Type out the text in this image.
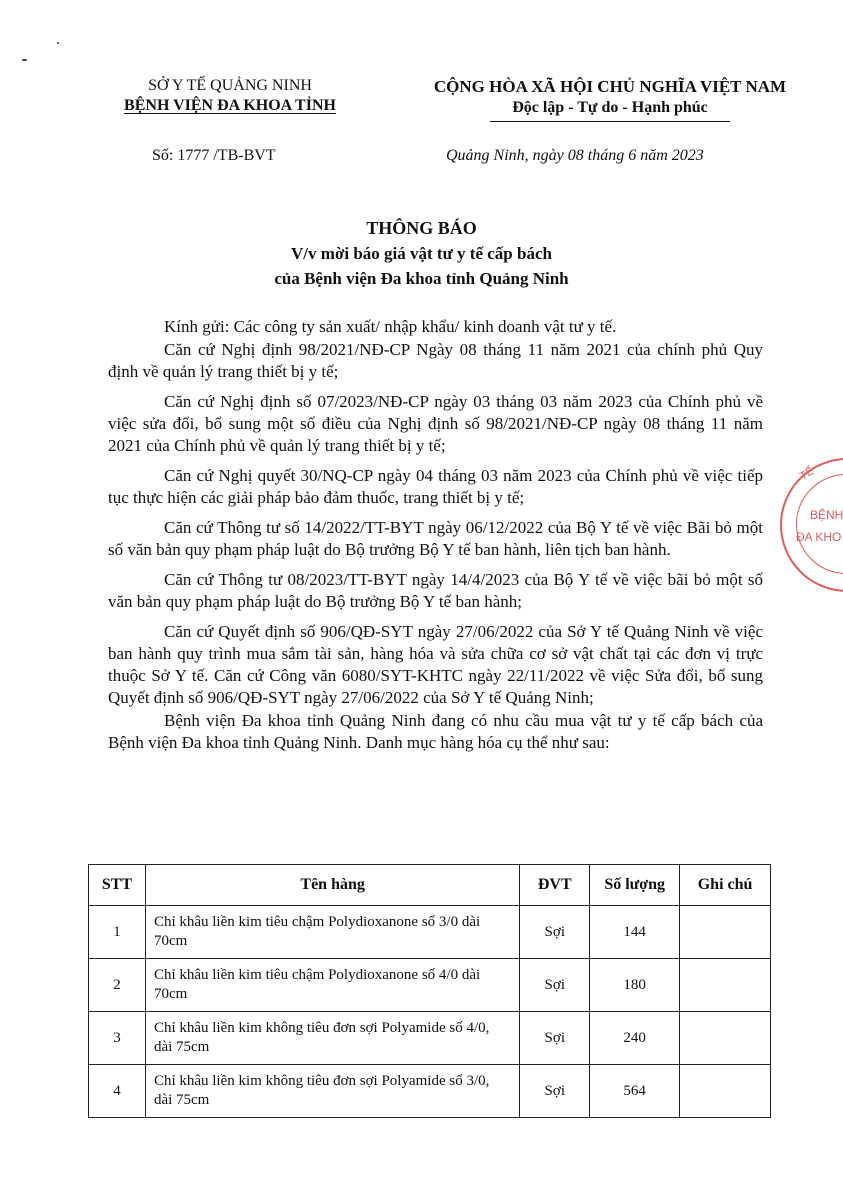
SỞ Y TẾ QUẢNG NINH
BỆNH VIỆN ĐA KHOA TỈNH
CỘNG HÒA XÃ HỘI CHỦ NGHĨA VIỆT NAM
Độc lập - Tự do - Hạnh phúc
Số: 1777 /TB-BVT	Quảng Ninh, ngày 08 tháng 6 năm 2023
THÔNG BÁO
V/v mời báo giá vật tư y tế cấp bách
của Bệnh viện Đa khoa tỉnh Quảng Ninh

Kính gửi: Các công ty sản xuất/ nhập khẩu/ kinh doanh vật tư y tế.

Căn cứ Nghị định 98/2021/NĐ-CP Ngày 08 tháng 11 năm 2021 của chính phủ Quy định về quản lý trang thiết bị y tế;

Căn cứ Nghị định số 07/2023/NĐ-CP ngày 03 tháng 03 năm 2023 của Chính phủ về việc sửa đổi, bổ sung một số điều của Nghị định số 98/2021/NĐ-CP ngày 08 tháng 11 năm 2021 của Chính phủ về quản lý trang thiết bị y tế;

Căn cứ Nghị quyết 30/NQ-CP ngày 04 tháng 03 năm 2023 của Chính phủ về việc tiếp tục thực hiện các giải pháp bảo đảm thuốc, trang thiết bị y tế;

Căn cứ Thông tư số 14/2022/TT-BYT ngày 06/12/2022 của Bộ Y tế về việc Bãi bỏ một số văn bản quy phạm pháp luật do Bộ trưởng Bộ Y tế ban hành, liên tịch ban hành.

Căn cứ Thông tư 08/2023/TT-BYT ngày 14/4/2023 của Bộ Y tế về việc bãi bỏ một số văn bản quy phạm pháp luật do Bộ trưởng Bộ Y tế ban hành;

Căn cứ Quyết định số 906/QĐ-SYT ngày 27/06/2022 của Sở Y tế Quảng Ninh về việc ban hành quy trình mua sắm tài sản, hàng hóa và sửa chữa cơ sở vật chất tại các đơn vị trực thuộc Sở Y tế. Căn cứ Công văn 6080/SYT-KHTC ngày 22/11/2022 về việc Sửa đổi, bổ sung Quyết định số 906/QĐ-SYT ngày 27/06/2022 của Sở Y tế Quảng Ninh;

Bệnh viện Đa khoa tỉnh Quảng Ninh đang có nhu cầu mua vật tư y tế cấp bách của Bệnh viện Đa khoa tỉnh Quảng Ninh. Danh mục hàng hóa cụ thể như sau:

STT	Tên hàng	ĐVT	Số lượng	Ghi chú
1	Chỉ khâu liền kim tiêu chậm Polydioxanone số 3/0 dài 70cm	Sợi	144	
2	Chỉ khâu liền kim tiêu chậm Polydioxanone số 4/0 dài 70cm	Sợi	180	
3	Chỉ khâu liền kim không tiêu đơn sợi Polyamide số 4/0, dài 75cm	Sợi	240	
4	Chỉ khâu liền kim không tiêu đơn sợi Polyamide số 3/0, dài 75cm	Sợi	564	
TẾ
BỆNH
ĐA KHO
